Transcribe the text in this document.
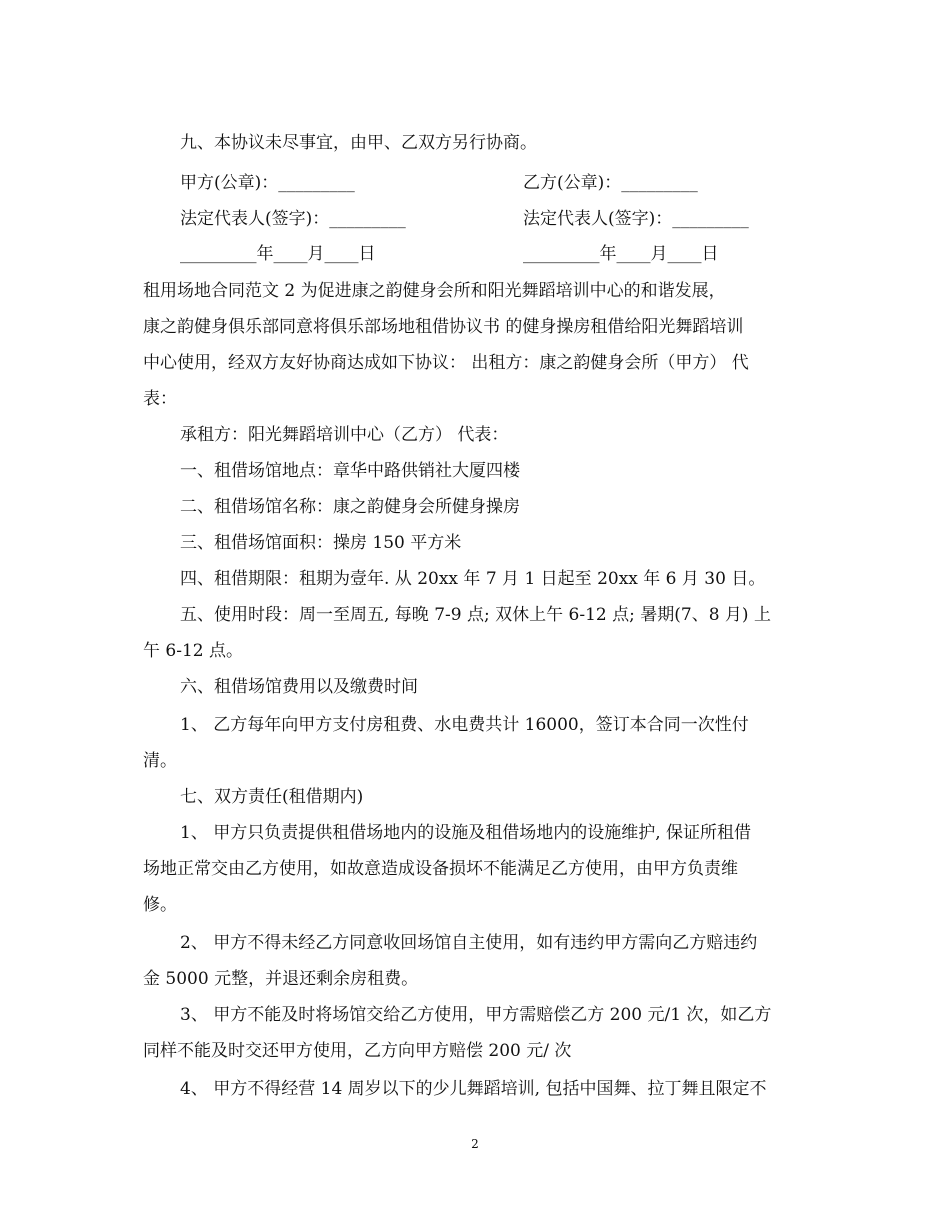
九、本协议未尽事宜，由甲、乙双方另行协商。
甲方(公章)：_________	乙方(公章)：_________
法定代表人(签字)：_________	法定代表人(签字)：_________
_________年____月____日	_________年____月____日
租用场地合同范文 2 为促进康之韵健身会所和阳光舞蹈培训中心的和谐发展，
康之韵健身俱乐部同意将俱乐部场地租借协议书 的健身操房租借给阳光舞蹈培训
中心使用，经双方友好协商达成如下协议： 出租方：康之韵健身会所（甲方） 代
表：
承租方：阳光舞蹈培训中心（乙方） 代表：
一、租借场馆地点：章华中路供销社大厦四楼
二、租借场馆名称：康之韵健身会所健身操房
三、租借场馆面积：操房 150 平方米
四、租借期限：租期为壹年. 从 20xx 年 7 月 1 日起至 20xx 年 6 月 30 日。
五、使用时段：周一至周五, 每晚 7-9 点; 双休上午 6-12 点; 暑期(7、8 月) 上
午 6-12 点。
六、租借场馆费用以及缴费时间
1、 乙方每年向甲方支付房租费、水电费共计 16000，签订本合同一次性付
清。
七、双方责任(租借期内)
1、 甲方只负责提供租借场地内的设施及租借场地内的设施维护, 保证所租借
场地正常交由乙方使用，如故意造成设备损坏不能满足乙方使用，由甲方负责维
修。
2、 甲方不得未经乙方同意收回场馆自主使用，如有违约甲方需向乙方赔违约
金 5000 元整，并退还剩余房租费。
3、 甲方不能及时将场馆交给乙方使用，甲方需赔偿乙方 200 元/1 次，如乙方
同样不能及时交还甲方使用，乙方向甲方赔偿 200 元/ 次
4、 甲方不得经营 14 周岁以下的少儿舞蹈培训, 包括中国舞、拉丁舞且限定不
2
